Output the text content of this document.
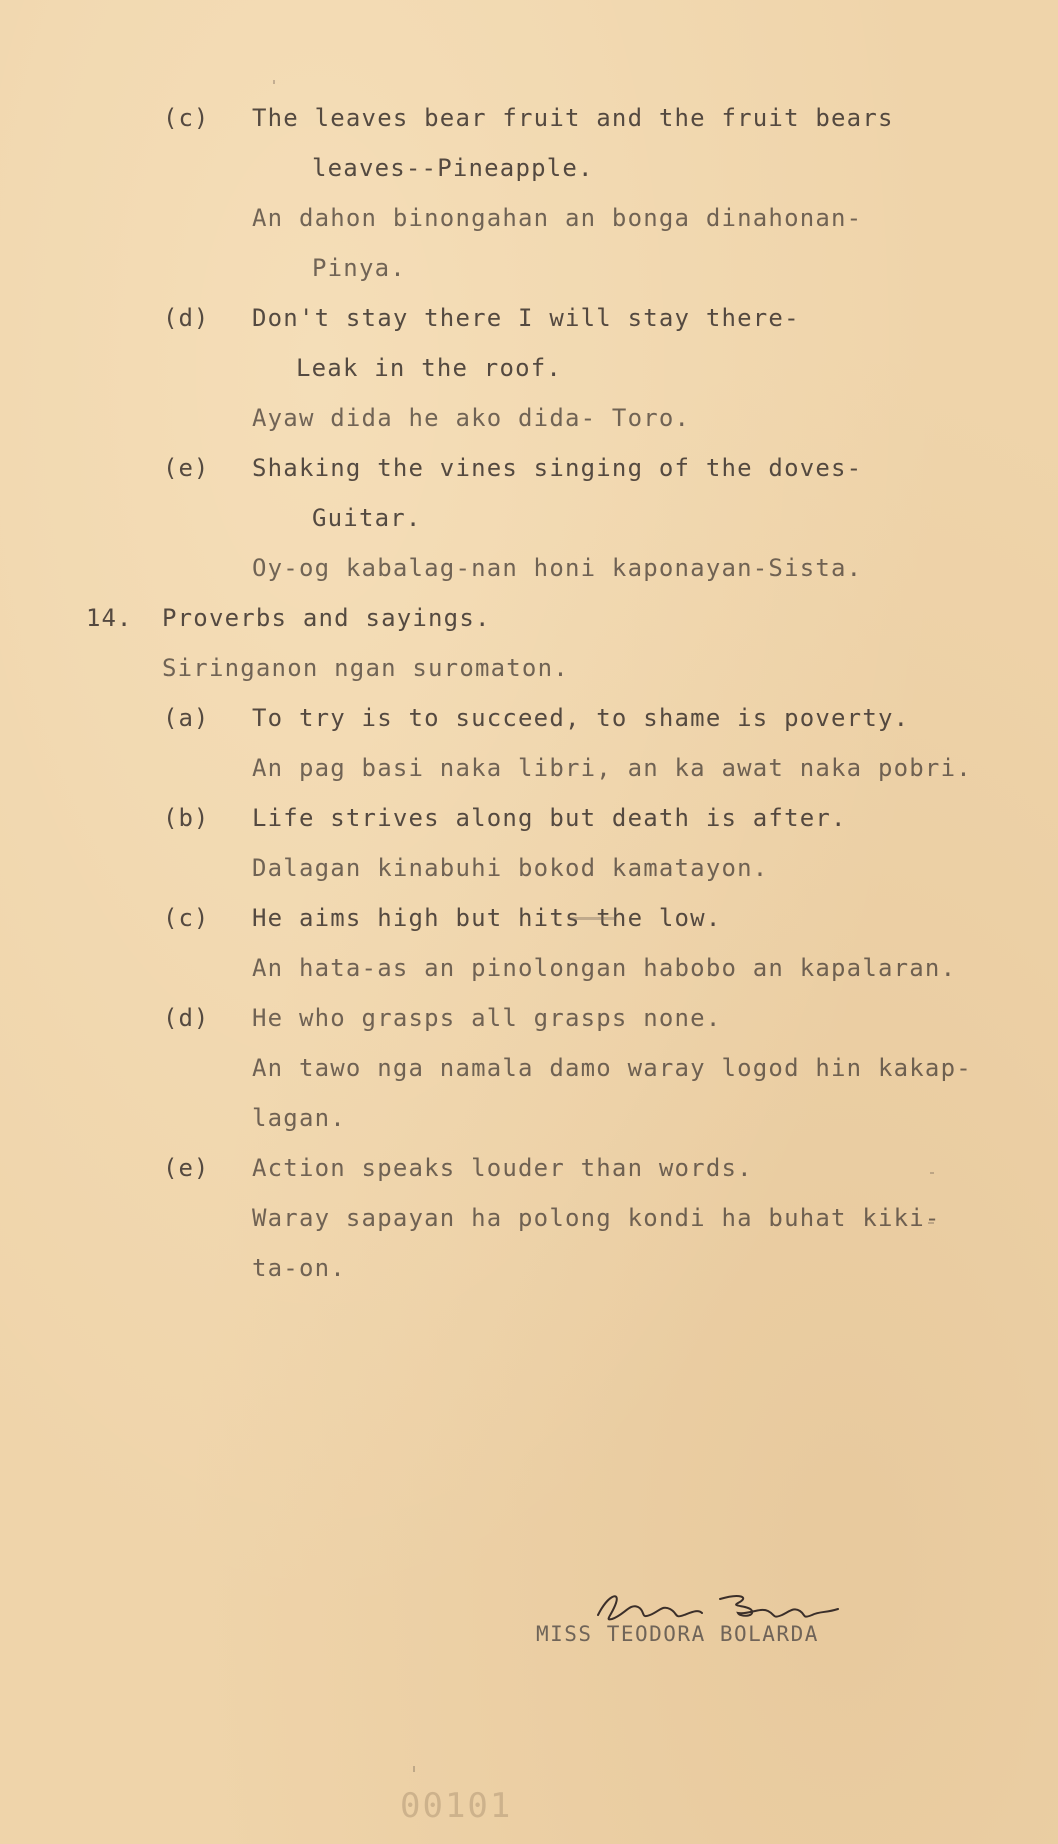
(c) The leaves bear fruit and the fruit bears
leaves--Pineapple.
An dahon binongahan an bonga dinahonan-
Pinya.
(d) Don't stay there I will stay there-
Leak in the roof.
Ayaw dida he ako dida- Toro.
(e) Shaking the vines singing of the doves-
Guitar.
Oy-og kabalag-nan honi kaponayan-Sista.
14. Proverbs and sayings.
Siringanon ngan suromaton.
(a) To try is to succeed, to shame is poverty.
An pag basi naka libri, an ka awat naka pobri.
(b) Life strives along but death is after.
Dalagan kinabuhi bokod kamatayon.
(c) He aims high but hits the low.
An hata-as an pinolongan habobo an kapalaran.
(d) He who grasps all grasps none.
An tawo nga namala damo waray logod hin kakap-
lagan.
(e) Action speaks louder than words.
Waray sapayan ha polong kondi ha buhat kiki-
ta-on.
MISS TEODORA BOLARDA
00101
